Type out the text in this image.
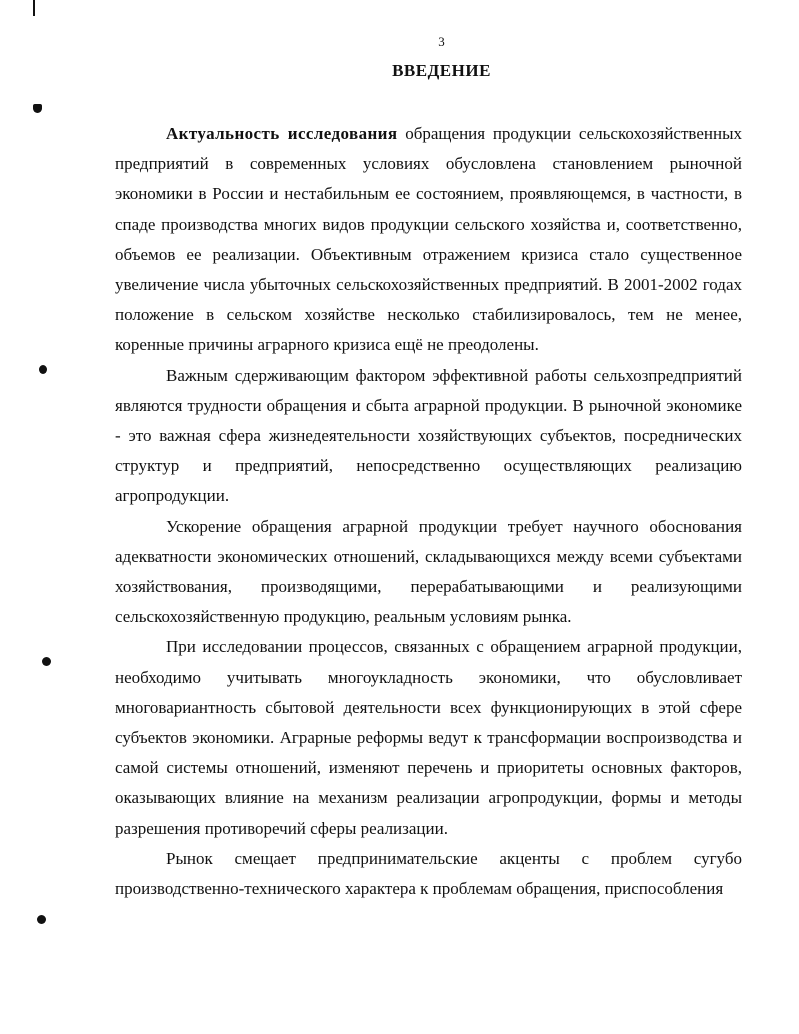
3
ВВЕДЕНИЕ

Актуальность исследования обращения продукции сельскохозяйственных предприятий в современных условиях обусловлена становлением рыночной экономики в России и нестабильным ее состоянием, проявляющемся, в частности, в спаде производства многих видов продукции сельского хозяйства и, соответственно, объемов ее реализации. Объективным отражением кризиса стало существенное увеличение числа убыточных сельскохозяйственных предприятий. В 2001-2002 годах положение в сельском хозяйстве несколько стабилизировалось, тем не менее, коренные причины аграрного кризиса ещё не преодолены.

Важным сдерживающим фактором эффективной работы сельхозпредприятий являются трудности обращения и сбыта аграрной продукции. В рыночной экономике - это важная сфера жизнедеятельности хозяйствующих субъектов, посреднических структур и предприятий, непосредственно осуществляющих реализацию агропродукции.

Ускорение обращения аграрной продукции требует научного обоснования адекватности экономических отношений, складывающихся между всеми субъектами хозяйствования, производящими, перерабатывающими и реализующими сельскохозяйственную продукцию, реальным условиям рынка.

При исследовании процессов, связанных с обращением аграрной продукции, необходимо учитывать многоукладность экономики, что обусловливает многовариантность сбытовой деятельности всех функционирующих в этой сфере субъектов экономики. Аграрные реформы ведут к трансформации воспроизводства и самой системы отношений, изменяют перечень и приоритеты основных факторов, оказывающих влияние на механизм реализации агропродукции, формы и методы разрешения противоречий сферы реализации.

Рынок смещает предпринимательские акценты с проблем сугубо производственно-технического характера к проблемам обращения, приспособления
